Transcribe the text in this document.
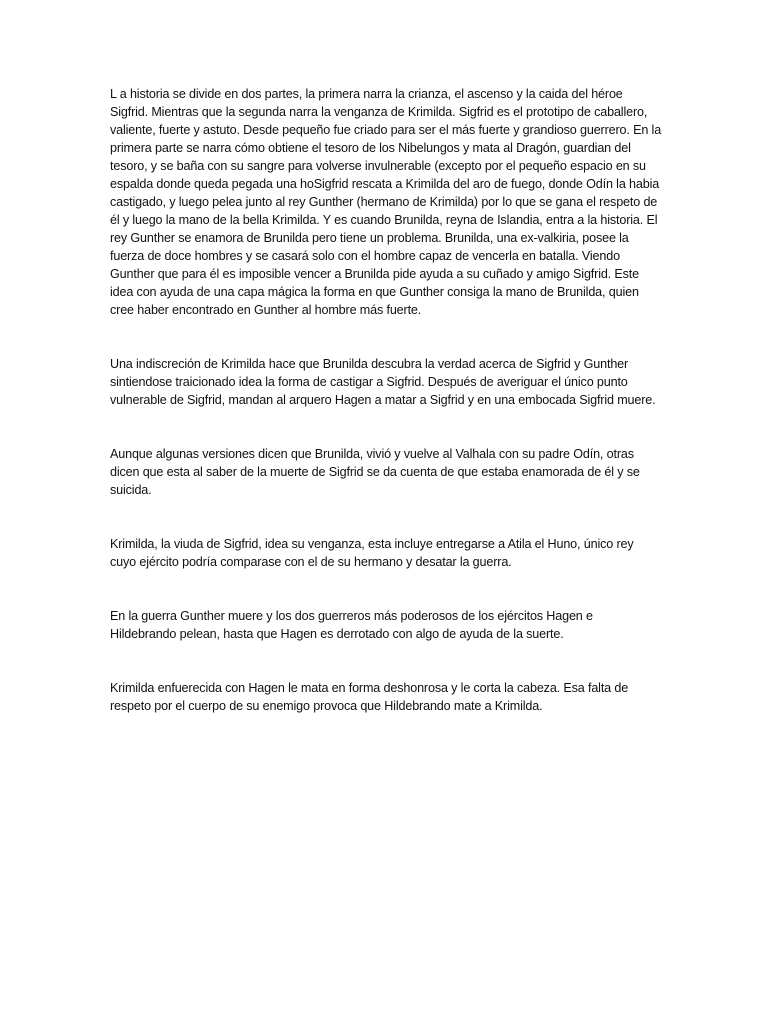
L a historia se divide en dos partes, la primera narra la crianza, el ascenso y la caida del héroe Sigfrid. Mientras que la segunda narra la venganza de Krimilda. Sigfrid es el prototipo de caballero, valiente, fuerte y astuto. Desde pequeño fue criado para ser el más fuerte y grandioso guerrero. En la primera parte se narra cómo obtiene el tesoro de los Nibelungos y mata al Dragón, guardian del tesoro, y se baña con su sangre para volverse invulnerable (excepto por el pequeño espacio en su espalda donde queda pegada una hoSigfrid rescata a Krimilda del aro de fuego, donde Odín la habia castigado, y luego pelea junto al rey Gunther (hermano de Krimilda) por lo que se gana el respeto de él y luego la mano de la bella Krimilda. Y es cuando Brunilda, reyna de Islandia, entra a la historia. El rey Gunther se enamora de Brunilda pero tiene un problema. Brunilda, una ex-valkiria, posee la fuerza de doce hombres y se casará solo con el hombre capaz de vencerla en batalla. Viendo Gunther que para él es imposible vencer a Brunilda pide ayuda a su cuñado y amigo Sigfrid. Este idea con ayuda de una capa mágica la forma en que Gunther consiga la mano de Brunilda, quien cree haber encontrado en Gunther al hombre más fuerte.

Una indiscreción de Krimilda hace que Brunilda descubra la verdad acerca de Sigfrid y Gunther sintiendose traicionado idea la forma de castigar a Sigfrid. Después de averiguar el único punto vulnerable de Sigfrid, mandan al arquero Hagen a matar a Sigfrid y en una embocada Sigfrid muere.

Aunque algunas versiones dicen que Brunilda, vivió y vuelve al Valhala con su padre Odín, otras dicen que esta al saber de la muerte de Sigfrid se da cuenta de que estaba enamorada de él y se suicida.

Krimilda, la viuda de Sigfrid, idea su venganza, esta incluye entregarse a Atila el Huno, único rey cuyo ejército podría comparase con el de su hermano y desatar la guerra.

En la guerra Gunther muere y los dos guerreros más poderosos de los ejércitos Hagen e Hildebrando pelean, hasta que Hagen es derrotado con algo de ayuda de la suerte.

Krimilda enfuerecida con Hagen le mata en forma deshonrosa y le corta la cabeza. Esa falta de respeto por el cuerpo de su enemigo provoca que Hildebrando mate a Krimilda.
